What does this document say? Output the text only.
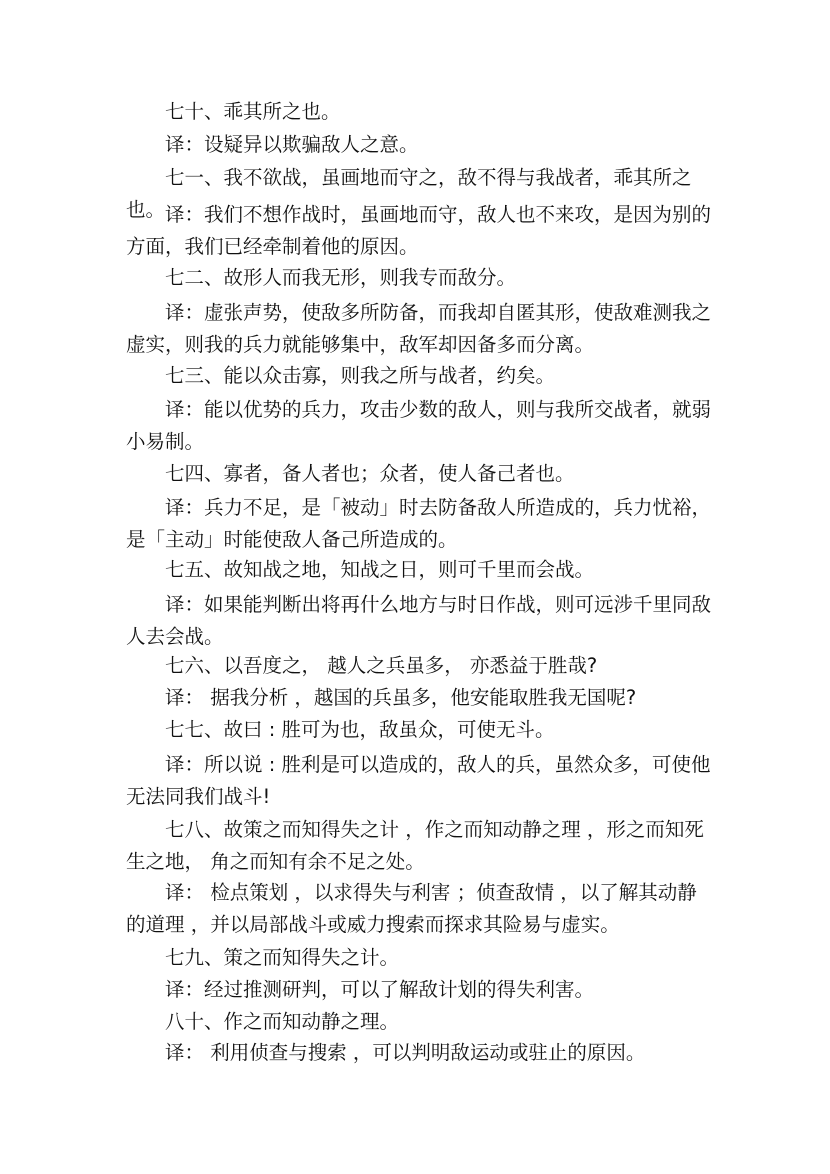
七十、乖其所之也。

译：设疑异以欺骗敌人之意。

七一、我不欲战，虽画地而守之，敌不得与我战者，乖其所之也。 译：我们不想作战时，虽画地而守，敌人也不来攻，是因为别的方面，我们已经牵制着他的原因。

七二、故形人而我无形，则我专而敌分。

译：虚张声势，使敌多所防备，而我却自匿其形，使敌难测我之虚实，则我的兵力就能够集中，敌军却因备多而分离。

七三、能以众击寡，则我之所与战者，约矣。

译：能以优势的兵力，攻击少数的敌人，则与我所交战者，就弱小易制。

七四、寡者，备人者也；众者，使人备己者也。

译：兵力不足，是「被动」时去防备敌人所造成的，兵力忧裕，是「主动」时能使敌人备己所造成的。

七五、故知战之地，知战之日，则可千里而会战。

译：如果能判断出将再什么地方与时日作战，则可远涉千里同敌人去会战。

七六、以吾度之， 越人之兵虽多， 亦悉益于胜哉?

译： 据我分析 ，越国的兵虽多，他安能取胜我无国呢?

七七、故曰 : 胜可为也，敌虽众，可使无斗。

译：所以说 : 胜利是可以造成的，敌人的兵，虽然众多，可使他无法同我们战斗!

七八、故策之而知得失之计 ，作之而知动静之理 ，形之而知死生之地， 角之而知有余不足之处。

译： 检点策划 ，以求得失与利害 ；侦查敌情 ，以了解其动静的道理 ，并以局部战斗或威力搜索而探求其险易与虚实。

七九、策之而知得失之计。

译：经过推测研判，可以了解敌计划的得失利害。

八十、作之而知动静之理。

译： 利用侦查与搜索 ，可以判明敌运动或驻止的原因。
